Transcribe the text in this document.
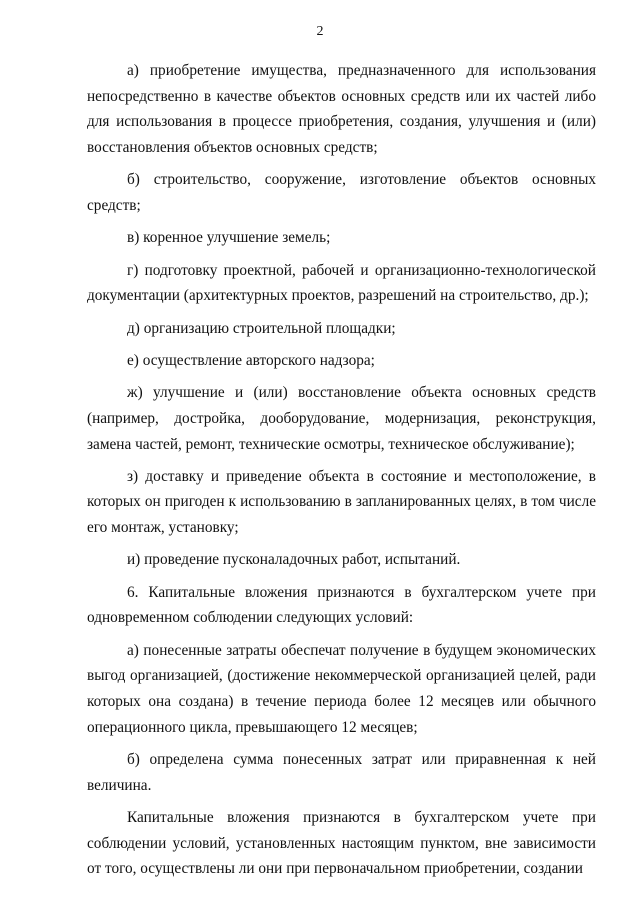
2

а) приобретение имущества, предназначенного для использования непосредственно в качестве объектов основных средств или их частей либо для использования в процессе приобретения, создания, улучшения и (или) восстановления объектов основных средств;

б) строительство, сооружение, изготовление объектов основных средств;

в) коренное улучшение земель;

г) подготовку проектной, рабочей и организационно-технологической документации (архитектурных проектов, разрешений на строительство, др.);

д) организацию строительной площадки;

е) осуществление авторского надзора;

ж) улучшение и (или) восстановление объекта основных средств (например, достройка, дооборудование, модернизация, реконструкция, замена частей, ремонт, технические осмотры, техническое обслуживание);

з) доставку и приведение объекта в состояние и местоположение, в которых он пригоден к использованию в запланированных целях, в том числе его монтаж, установку;

и) проведение пусконаладочных работ, испытаний.

6. Капитальные вложения признаются в бухгалтерском учете при одновременном соблюдении следующих условий:

а) понесенные затраты обеспечат получение в будущем экономических выгод организацией, (достижение некоммерческой организацией целей, ради которых она создана) в течение периода более 12 месяцев или обычного операционного цикла, превышающего 12 месяцев;

б) определена сумма понесенных затрат или приравненная к ней величина.

Капитальные вложения признаются в бухгалтерском учете при соблюдении условий, установленных настоящим пунктом, вне зависимости от того, осуществлены ли они при первоначальном приобретении, создании
